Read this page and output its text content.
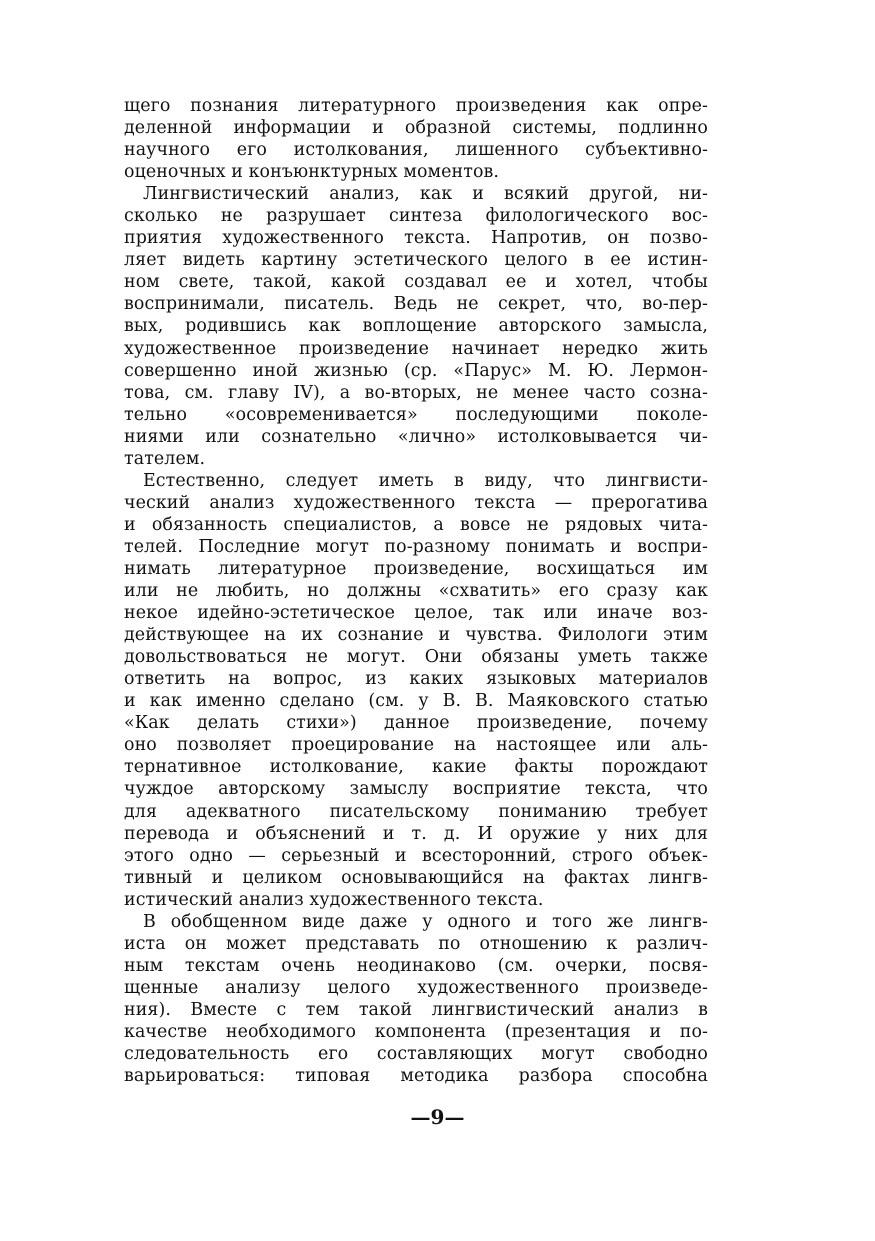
щего познания литературного произведения как опре-
деленной информации и образной системы, подлинно
научного его истолкования, лишенного субъективно-
оценочных и конъюнктурных моментов.
Лингвистический анализ, как и всякий другой, ни-
сколько не разрушает синтеза филологического вос-
приятия художественного текста. Напротив, он позво-
ляет видеть картину эстетического целого в ее истин-
ном свете, такой, какой создавал ее и хотел, чтобы
воспринимали, писатель. Ведь не секрет, что, во-пер-
вых, родившись как воплощение авторского замысла,
художественное произведение начинает нередко жить
совершенно иной жизнью (ср. «Парус» М. Ю. Лермон-
това, см. главу IV), а во-вторых, не менее часто созна-
тельно «осовременивается» последующими поколе-
ниями или сознательно «лично» истолковывается чи-
тателем.
Естественно, следует иметь в виду, что лингвисти-
ческий анализ художественного текста — прерогатива
и обязанность специалистов, а вовсе не рядовых чита-
телей. Последние могут по-разному понимать и воспри-
нимать литературное произведение, восхищаться им
или не любить, но должны «схватить» его сразу как
некое идейно-эстетическое целое, так или иначе воз-
действующее на их сознание и чувства. Филологи этим
довольствоваться не могут. Они обязаны уметь также
ответить на вопрос, из каких языковых материалов
и как именно сделано (см. у В. В. Маяковского статью
«Как делать стихи») данное произведение, почему
оно позволяет проецирование на настоящее или аль-
тернативное истолкование, какие факты порождают
чуждое авторскому замыслу восприятие текста, что
для адекватного писательскому пониманию требует
перевода и объяснений и т. д. И оружие у них для
этого одно — серьезный и всесторонний, строго объек-
тивный и целиком основывающийся на фактах лингв-
истический анализ художественного текста.
В обобщенном виде даже у одного и того же лингв-
иста он может представать по отношению к различ-
ным текстам очень неодинаково (см. очерки, посвя-
щенные анализу целого художественного произведе-
ния). Вместе с тем такой лингвистический анализ в
качестве необходимого компонента (презентация и по-
следовательность его составляющих могут свободно
варьироваться: типовая методика разбора способна
—9—
